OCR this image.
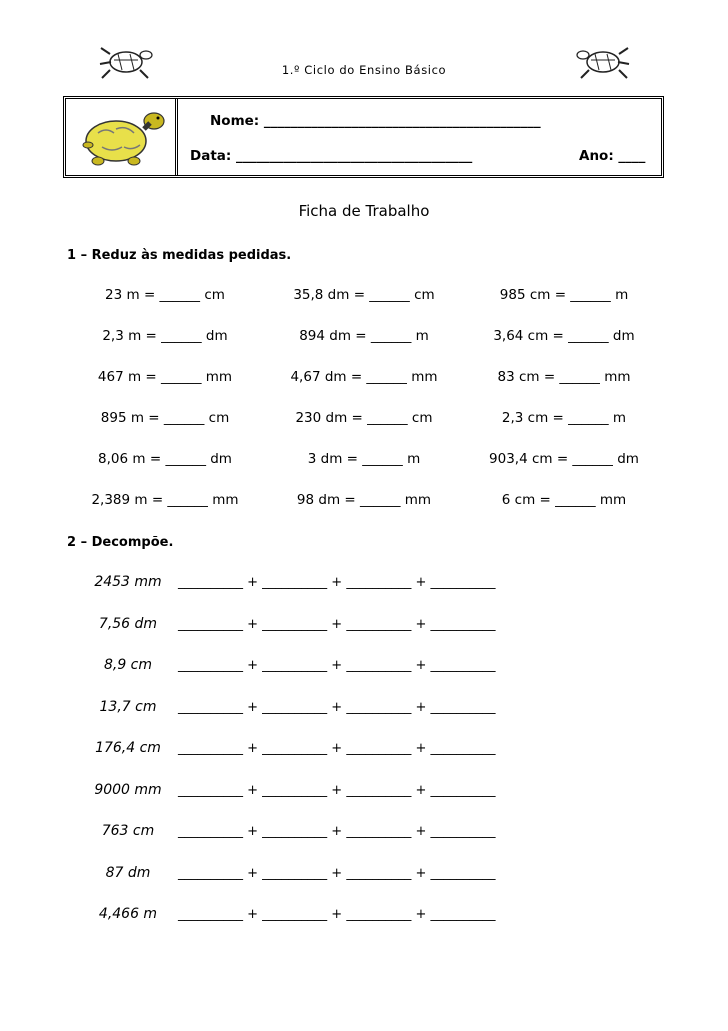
1.º Ciclo do Ensino Básico
Nome: _________________________________________
Data: ___________________________________	Ano: ____
Ficha de Trabalho
1 – Reduz às medidas pedidas.
23 m = ______ cm	35,8 dm = ______ cm	985 cm = ______ m
2,3 m = ______ dm	894 dm = ______ m	3,64 cm = ______ dm
467 m = ______ mm	4,67 dm = ______ mm	83 cm = ______ mm
895 m = ______ cm	230 dm = ______ cm	2,3 cm = ______ m
8,06 m = ______ dm	3 dm = ______ m	903,4 cm = ______ dm
2,389 m = ______ mm	98 dm = ______ mm	6 cm = ______ mm
2 – Decompõe.
2453 mm	__________ + __________ + __________ + __________
7,56 dm	__________ + __________ + __________ + __________
8,9 cm	__________ + __________ + __________ + __________
13,7 cm	__________ + __________ + __________ + __________
176,4 cm	__________ + __________ + __________ + __________
9000 mm	__________ + __________ + __________ + __________
763 cm	__________ + __________ + __________ + __________
87 dm	__________ + __________ + __________ + __________
4,466 m	__________ + __________ + __________ + __________
